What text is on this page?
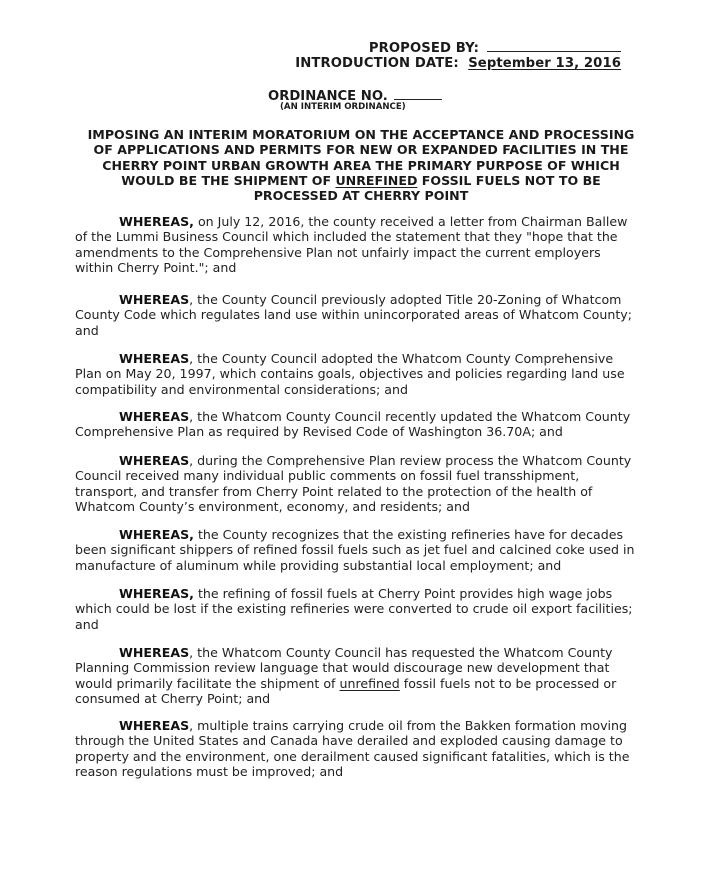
PROPOSED BY:
INTRODUCTION DATE: September 13, 2016
ORDINANCE NO.
(AN INTERIM ORDINANCE)
IMPOSING AN INTERIM MORATORIUM ON THE ACCEPTANCE AND PROCESSING
OF APPLICATIONS AND PERMITS FOR NEW OR EXPANDED FACILITIES IN THE
CHERRY POINT URBAN GROWTH AREA THE PRIMARY PURPOSE OF WHICH
WOULD BE THE SHIPMENT OF UNREFINED FOSSIL FUELS NOT TO BE
PROCESSED AT CHERRY POINT
WHEREAS, on July 12, 2016, the county received a letter from Chairman Ballew
of the Lummi Business Council which included the statement that they "hope that the
amendments to the Comprehensive Plan not unfairly impact the current employers
within Cherry Point."; and
WHEREAS, the County Council previously adopted Title 20-Zoning of Whatcom
County Code which regulates land use within unincorporated areas of Whatcom County;
and
WHEREAS, the County Council adopted the Whatcom County Comprehensive
Plan on May 20, 1997, which contains goals, objectives and policies regarding land use
compatibility and environmental considerations; and
WHEREAS, the Whatcom County Council recently updated the Whatcom County
Comprehensive Plan as required by Revised Code of Washington 36.70A; and
WHEREAS, during the Comprehensive Plan review process the Whatcom County
Council received many individual public comments on fossil fuel transshipment,
transport, and transfer from Cherry Point related to the protection of the health of
Whatcom County’s environment, economy, and residents; and
WHEREAS, the County recognizes that the existing refineries have for decades
been significant shippers of refined fossil fuels such as jet fuel and calcined coke used in
manufacture of aluminum while providing substantial local employment; and
WHEREAS, the refining of fossil fuels at Cherry Point provides high wage jobs
which could be lost if the existing refineries were converted to crude oil export facilities;
and
WHEREAS, the Whatcom County Council has requested the Whatcom County
Planning Commission review language that would discourage new development that
would primarily facilitate the shipment of unrefined fossil fuels not to be processed or
consumed at Cherry Point; and
WHEREAS, multiple trains carrying crude oil from the Bakken formation moving
through the United States and Canada have derailed and exploded causing damage to
property and the environment, one derailment caused significant fatalities, which is the
reason regulations must be improved; and
